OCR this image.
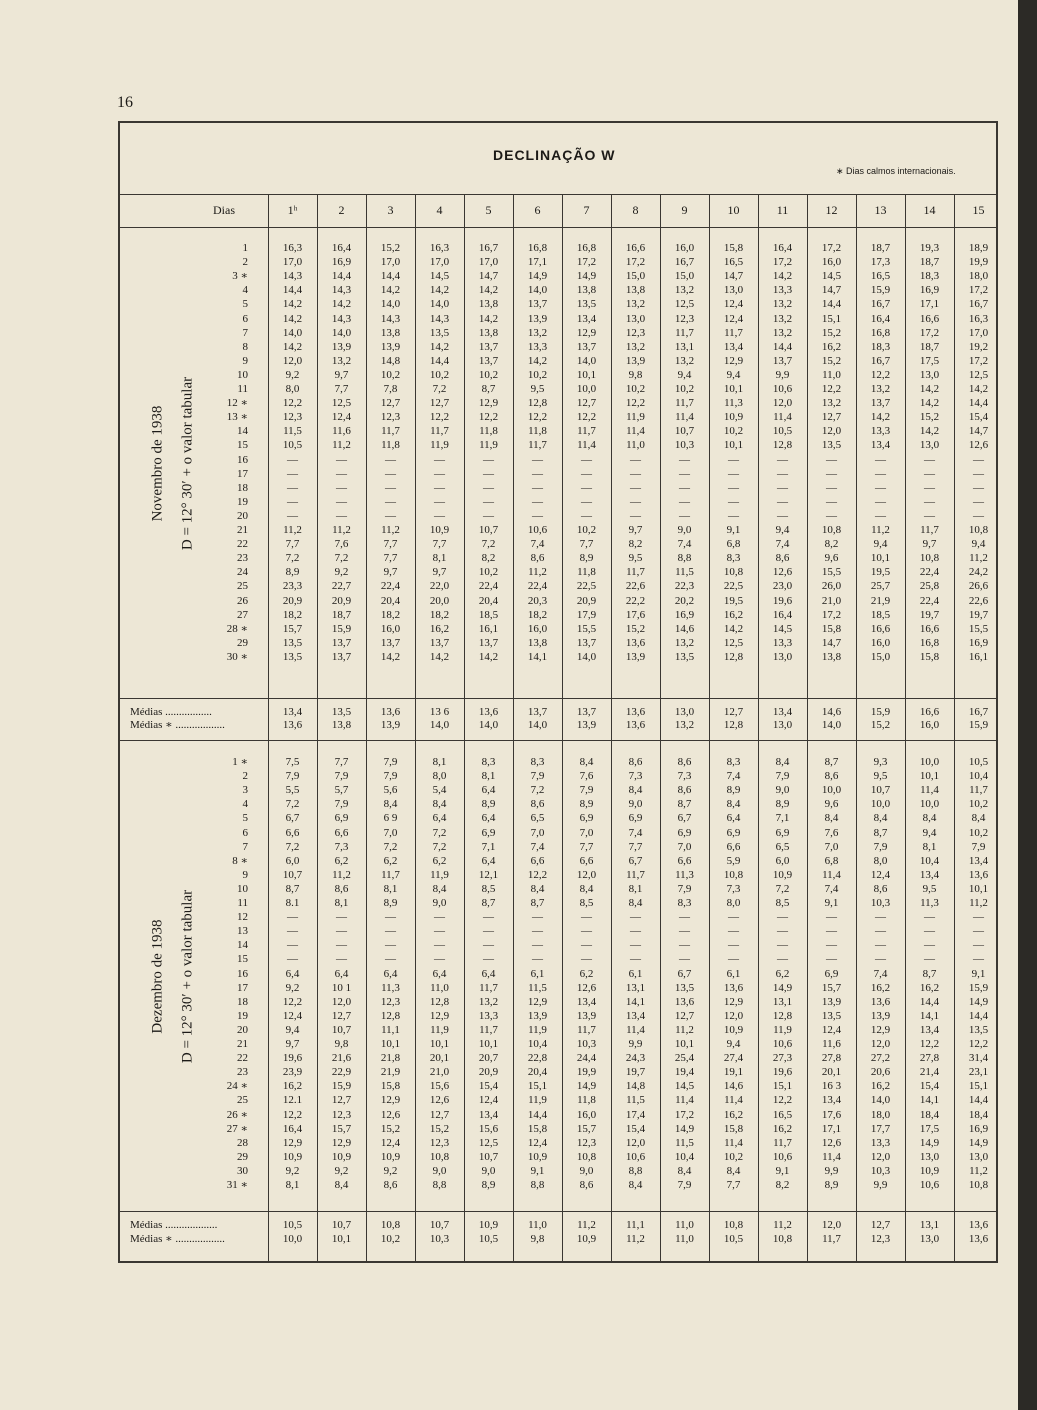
16
DECLINAÇÃO W
∗ Dias calmos internacionais.
Novembro de 1938 D = 12° 30′ + o valor tabular
Dezembro de 1938 D = 12° 30′ + o valor tabular
1	16,3	16,4	15,2	16,3	16,7	16,8	16,8	16,6	16,0	15,8	16,4	17,2	18,7	19,3	18,9
2	17,0	16,9	17,0	17,0	17,0	17,1	17,2	17,2	16,7	16,5	17,2	16,0	17,3	18,7	19,9
3 ∗	14,3	14,4	14,4	14,5	14,7	14,9	14,9	15,0	15,0	14,7	14,2	14,5	16,5	18,3	18,0
4	14,4	14,3	14,2	14,2	14,2	14,0	13,8	13,8	13,2	13,0	13,3	14,7	15,9	16,9	17,2
5	14,2	14,2	14,0	14,0	13,8	13,7	13,5	13,2	12,5	12,4	13,2	14,4	16,7	17,1	16,7
6	14,2	14,3	14,3	14,3	14,2	13,9	13,4	13,0	12,3	12,4	13,2	15,1	16,4	16,6	16,3
7	14,0	14,0	13,8	13,5	13,8	13,2	12,9	12,3	11,7	11,7	13,2	15,2	16,8	17,2	17,0
8	14,2	13,9	13,9	14,2	13,7	13,3	13,7	13,2	13,1	13,4	14,4	16,2	18,3	18,7	19,2
9	12,0	13,2	14,8	14,4	13,7	14,2	14,0	13,9	13,2	12,9	13,7	15,2	16,7	17,5	17,2
10	9,2	9,7	10,2	10,2	10,2	10,2	10,1	9,8	9,4	9,4	9,9	11,0	12,2	13,0	12,5
11	8,0	7,7	7,8	7,2	8,7	9,5	10,0	10,2	10,2	10,1	10,6	12,2	13,2	14,2	14,2
12 ∗	12,2	12,5	12,7	12,7	12,9	12,8	12,7	12,2	11,7	11,3	12,0	13,2	13,7	14,2	14,4
13 ∗	12,3	12,4	12,3	12,2	12,2	12,2	12,2	11,9	11,4	10,9	11,4	12,7	14,2	15,2	15,4
14	11,5	11,6	11,7	11,7	11,8	11,8	11,7	11,4	10,7	10,2	10,5	12,0	13,3	14,2	14,7
15	10,5	11,2	11,8	11,9	11,9	11,7	11,4	11,0	10,3	10,1	12,8	13,5	13,4	13,0	12,6
16	—	—	—	—	—	—	—	—	—	—	—	—	—	—	—
17	—	—	—	—	—	—	—	—	—	—	—	—	—	—	—
18	—	—	—	—	—	—	—	—	—	—	—	—	—	—	—
19	—	—	—	—	—	—	—	—	—	—	—	—	—	—	—
20	—	—	—	—	—	—	—	—	—	—	—	—	—	—	—
21	11,2	11,2	11,2	10,9	10,7	10,6	10,2	9,7	9,0	9,1	9,4	10,8	11,2	11,7	10,8
22	7,7	7,6	7,7	7,7	7,2	7,4	7,7	8,2	7,4	6,8	7,4	8,2	9,4	9,7	9,4
23	7,2	7,2	7,7	8,1	8,2	8,6	8,9	9,5	8,8	8,3	8,6	9,6	10,1	10,8	11,2
24	8,9	9,2	9,7	9,7	10,2	11,2	11,8	11,7	11,5	10,8	12,6	15,5	19,5	22,4	24,2
25	23,3	22,7	22,4	22,0	22,4	22,4	22,5	22,6	22,3	22,5	23,0	26,0	25,7	25,8	26,6
26	20,9	20,9	20,4	20,0	20,4	20,3	20,9	22,2	20,2	19,5	19,6	21,0	21,9	22,4	22,6
27	18,2	18,7	18,2	18,2	18,5	18,2	17,9	17,6	16,9	16,2	16,4	17,2	18,5	19,7	19,7
28 ∗	15,7	15,9	16,0	16,2	16,1	16,0	15,5	15,2	14,6	14,2	14,5	15,8	16,6	16,6	15,5
29	13,5	13,7	13,7	13,7	13,7	13,8	13,7	13,6	13,2	12,5	13,3	14,7	16,0	16,8	16,9
30 ∗	13,5	13,7	14,2	14,2	14,2	14,1	14,0	13,9	13,5	12,8	13,0	13,8	15,0	15,8	16,1
1 ∗	7,5	7,7	7,9	8,1	8,3	8,3	8,4	8,6	8,6	8,3	8,4	8,7	9,3	10,0	10,5
2	7,9	7,9	7,9	8,0	8,1	7,9	7,6	7,3	7,3	7,4	7,9	8,6	9,5	10,1	10,4
3	5,5	5,7	5,6	5,4	6,4	7,2	7,9	8,4	8,6	8,9	9,0	10,0	10,7	11,4	11,7
4	7,2	7,9	8,4	8,4	8,9	8,6	8,9	9,0	8,7	8,4	8,9	9,6	10,0	10,0	10,2
5	6,7	6,9	6 9	6,4	6,4	6,5	6,9	6,9	6,7	6,4	7,1	8,4	8,4	8,4	8,4
6	6,6	6,6	7,0	7,2	6,9	7,0	7,0	7,4	6,9	6,9	6,9	7,6	8,7	9,4	10,2
7	7,2	7,3	7,2	7,2	7,1	7,4	7,7	7,7	7,0	6,6	6,5	7,0	7,9	8,1	7,9
8 ∗	6,0	6,2	6,2	6,2	6,4	6,6	6,6	6,7	6,6	5,9	6,0	6,8	8,0	10,4	13,4
9	10,7	11,2	11,7	11,9	12,1	12,2	12,0	11,7	11,3	10,8	10,9	11,4	12,4	13,4	13,6
10	8,7	8,6	8,1	8,4	8,5	8,4	8,4	8,1	7,9	7,3	7,2	7,4	8,6	9,5	10,1
11	8.1	8,1	8,9	9,0	8,7	8,7	8,5	8,4	8,3	8,0	8,5	9,1	10,3	11,3	11,2
12	—	—	—	—	—	—	—	—	—	—	—	—	—	—	—
13	—	—	—	—	—	—	—	—	—	—	—	—	—	—	—
14	—	—	—	—	—	—	—	—	—	—	—	—	—	—	—
15	—	—	—	—	—	—	—	—	—	—	—	—	—	—	—
16	6,4	6,4	6,4	6,4	6,4	6,1	6,2	6,1	6,7	6,1	6,2	6,9	7,4	8,7	9,1
17	9,2	10 1	11,3	11,0	11,7	11,5	12,6	13,1	13,5	13,6	14,9	15,7	16,2	16,2	15,9
18	12,2	12,0	12,3	12,8	13,2	12,9	13,4	14,1	13,6	12,9	13,1	13,9	13,6	14,4	14,9
19	12,4	12,7	12,8	12,9	13,3	13,9	13,9	13,4	12,7	12,0	12,8	13,5	13,9	14,1	14,4
20	9,4	10,7	11,1	11,9	11,7	11,9	11,7	11,4	11,2	10,9	11,9	12,4	12,9	13,4	13,5
21	9,7	9,8	10,1	10,1	10,1	10,4	10,3	9,9	10,1	9,4	10,6	11,6	12,0	12,2	12,2
22	19,6	21,6	21,8	20,1	20,7	22,8	24,4	24,3	25,4	27,4	27,3	27,8	27,2	27,8	31,4
23	23,9	22,9	21,9	21,0	20,9	20,4	19,9	19,7	19,4	19,1	19,6	20,1	20,6	21,4	23,1
24 ∗	16,2	15,9	15,8	15,6	15,4	15,1	14,9	14,8	14,5	14,6	15,1	16 3	16,2	15,4	15,1
25	12.1	12,7	12,9	12,6	12,4	11,9	11,8	11,5	11,4	11,4	12,2	13,4	14,0	14,1	14,4
26 ∗	12,2	12,3	12,6	12,7	13,4	14,4	16,0	17,4	17,2	16,2	16,5	17,6	18,0	18,4	18,4
27 ∗	16,4	15,7	15,2	15,2	15,6	15,8	15,7	15,4	14,9	15,8	16,2	17,1	17,7	17,5	16,9
28	12,9	12,9	12,4	12,3	12,5	12,4	12,3	12,0	11,5	11,4	11,7	12,6	13,3	14,9	14,9
29	10,9	10,9	10,9	10,8	10,7	10,9	10,8	10,6	10,4	10,2	10,6	11,4	12,0	13,0	13,0
30	9,2	9,2	9,2	9,0	9,0	9,1	9,0	8,8	8,4	8,4	9,1	9,9	10,3	10,9	11,2
31 ∗	8,1	8,4	8,6	8,8	8,9	8,8	8,6	8,4	7,9	7,7	8,2	8,9	9,9	10,6	10,8
Médias .................	13,4	13,5	13,6	13 6	13,6	13,7	13,7	13,6	13,0	12,7	13,4	14,6	15,9	16,6	16,7
Médias ∗ ..................	13,6	13,8	13,9	14,0	14,0	14,0	13,9	13,6	13,2	12,8	13,0	14,0	15,2	16,0	15,9
Médias ...................	10,5	10,7	10,8	10,7	10,9	11,0	11,2	11,1	11,0	10,8	11,2	12,0	12,7	13,1	13,6
Médias ∗ ..................	10,0	10,1	10,2	10,3	10,5	9,8	10,9	11,2	11,0	10,5	10,8	11,7	12,3	13,0	13,6
Dias	1ʰ	2	3	4	5	6	7	8	9	10	11	12	13	14	15
